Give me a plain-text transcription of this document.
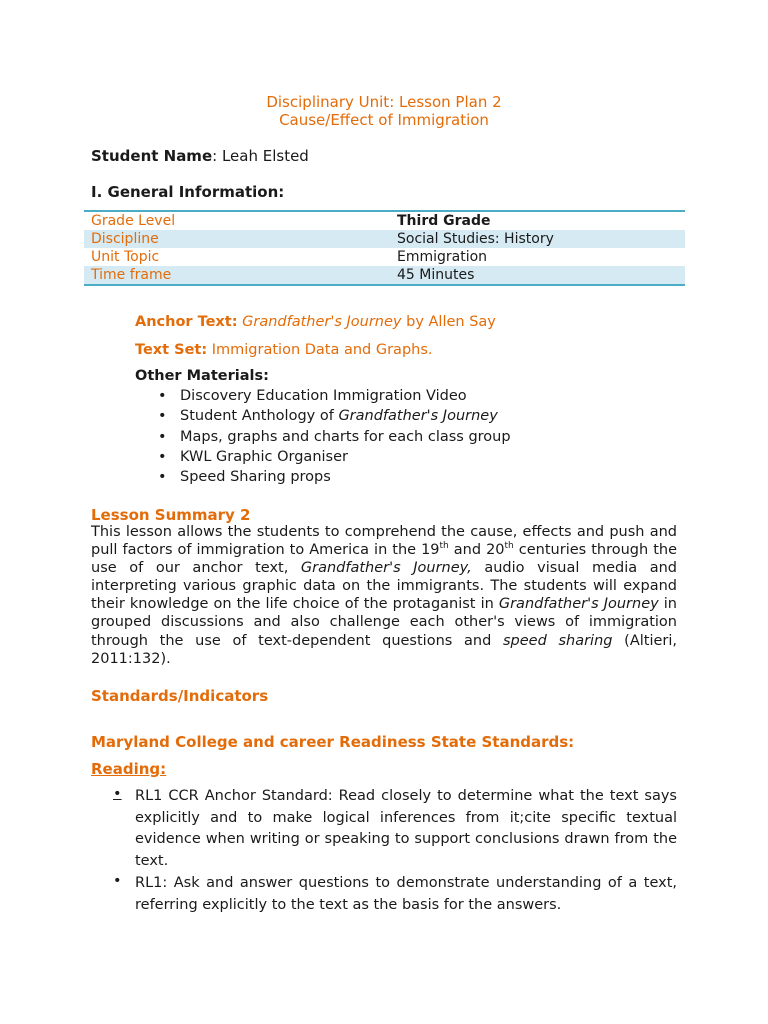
Disciplinary Unit: Lesson Plan 2
Cause/Effect of Immigration
Student Name: Leah Elsted
I. General Information:
Grade Level	Third Grade
Discipline	Social Studies: History
Unit Topic	Emmigration
Time frame	45 Minutes
Anchor Text: Grandfather's Journey by Allen Say
Text Set: Immigration Data and Graphs.
Other Materials:
• Discovery Education Immigration Video
• Student Anthology of Grandfather's Journey
• Maps, graphs and charts for each class group
• KWL Graphic Organiser
• Speed Sharing props
Lesson Summary 2

This lesson allows the students to comprehend the cause, effects and push and pull factors of immigration to America in the 19th and 20th centuries through the use of our anchor text, Grandfather's Journey, audio visual media and interpreting various graphic data on the immigrants. The students will expand their knowledge on the life choice of the protaganist in Grandfather's Journey in grouped discussions and also challenge each other's views of immigration through the use of text-dependent questions and speed sharing (Altieri, 2011:132).

Standards/Indicators
Maryland College and career Readiness State Standards:
Reading:
• RL1 CCR Anchor Standard: Read closely to determine what the text says explicitly and to make logical inferences from it;cite specific textual evidence when writing or speaking to support conclusions drawn from the text.

• RL1: Ask and answer questions to demonstrate understanding of a text, referring explicitly to the text as the basis for the answers.
